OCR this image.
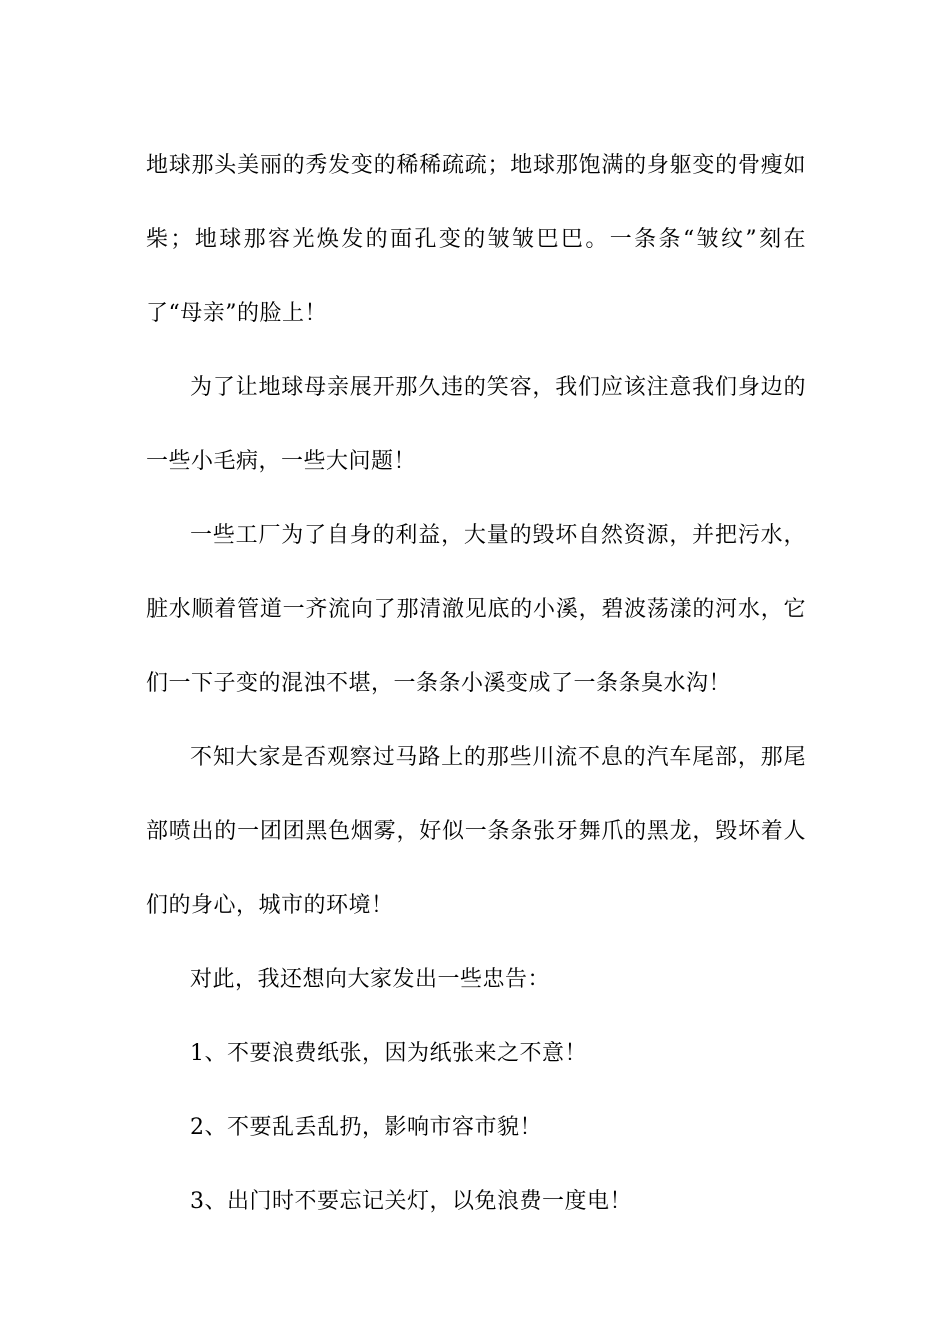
地球那头美丽的秀发变的稀稀疏疏；地球那饱满的身躯变的骨瘦如柴；地球那容光焕发的面孔变的皱皱巴巴。一条条“皱纹”刻在了“母亲”的脸上！

为了让地球母亲展开那久违的笑容，我们应该注意我们身边的一些小毛病，一些大问题！

一些工厂为了自身的利益，大量的毁坏自然资源，并把污水，脏水顺着管道一齐流向了那清澈见底的小溪，碧波荡漾的河水，它们一下子变的混浊不堪，一条条小溪变成了一条条臭水沟！

不知大家是否观察过马路上的那些川流不息的汽车尾部，那尾部喷出的一团团黑色烟雾，好似一条条张牙舞爪的黑龙，毁坏着人们的身心，城市的环境！

对此，我还想向大家发出一些忠告：

1、不要浪费纸张，因为纸张来之不意！

2、不要乱丢乱扔，影响市容市貌！

3、出门时不要忘记关灯，以免浪费一度电！
